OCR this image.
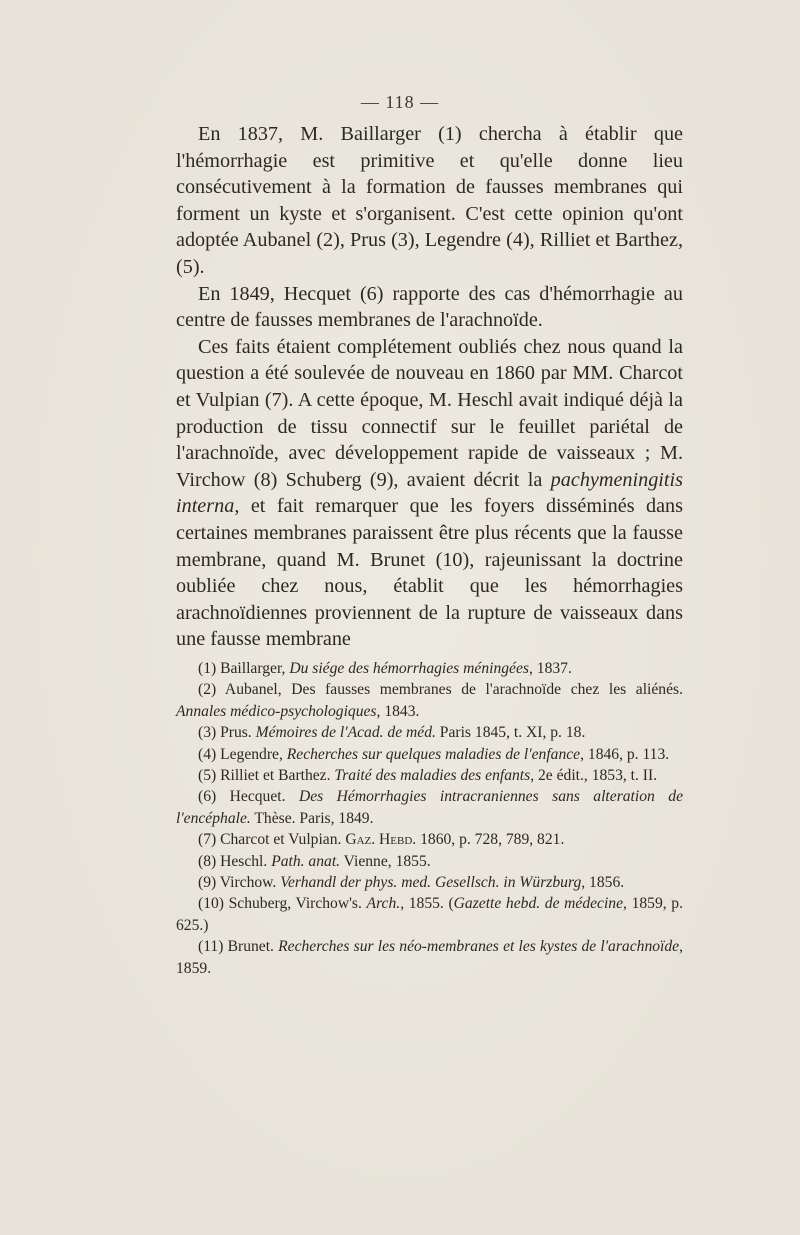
— 118 —

En 1837, M. Baillarger (1) chercha à établir que l'hémorrhagie est primitive et qu'elle donne lieu consécutivement à la formation de fausses membranes qui forment un kyste et s'organisent. C'est cette opinion qu'ont adoptée Aubanel (2), Prus (3), Legendre (4), Rilliet et Barthez, (5).

En 1849, Hecquet (6) rapporte des cas d'hémorrhagie au centre de fausses membranes de l'arachnoïde.

Ces faits étaient complétement oubliés chez nous quand la question a été soulevée de nouveau en 1860 par MM. Charcot et Vulpian (7). A cette époque, M. Heschl avait indiqué déjà la production de tissu connectif sur le feuillet pariétal de l'arachnoïde, avec développement rapide de vaisseaux ; M. Virchow (8) Schuberg (9), avaient décrit la pachymeningitis interna, et fait remarquer que les foyers disséminés dans certaines membranes paraissent être plus récents que la fausse membrane, quand M. Brunet (10), rajeunissant la doctrine oubliée chez nous, établit que les hémorrhagies arachnoïdiennes proviennent de la rupture de vaisseaux dans une fausse membrane

(1) Baillarger, Du siége des hémorrhagies méningées, 1837.

(2) Aubanel, Des fausses membranes de l'arachnoïde chez les aliénés. Annales médico-psychologiques, 1843.

(3) Prus. Mémoires de l'Acad. de méd. Paris 1845, t. XI, p. 18.

(4) Legendre, Recherches sur quelques maladies de l'enfance, 1846, p. 113.

(5) Rilliet et Barthez. Traité des maladies des enfants, 2e édit., 1853, t. II.

(6) Hecquet. Des Hémorrhagies intracraniennes sans alteration de l'encéphale. Thèse. Paris, 1849.

(7) Charcot et Vulpian. Gaz. Hebd. 1860, p. 728, 789, 821.

(8) Heschl. Path. anat. Vienne, 1855.

(9) Virchow. Verhandl der phys. med. Gesellsch. in Würzburg, 1856.

(10) Schuberg, Virchow's. Arch., 1855. (Gazette hebd. de médecine, 1859, p. 625.)

(11) Brunet. Recherches sur les néo-membranes et les kystes de l'arachnoïde, 1859.
